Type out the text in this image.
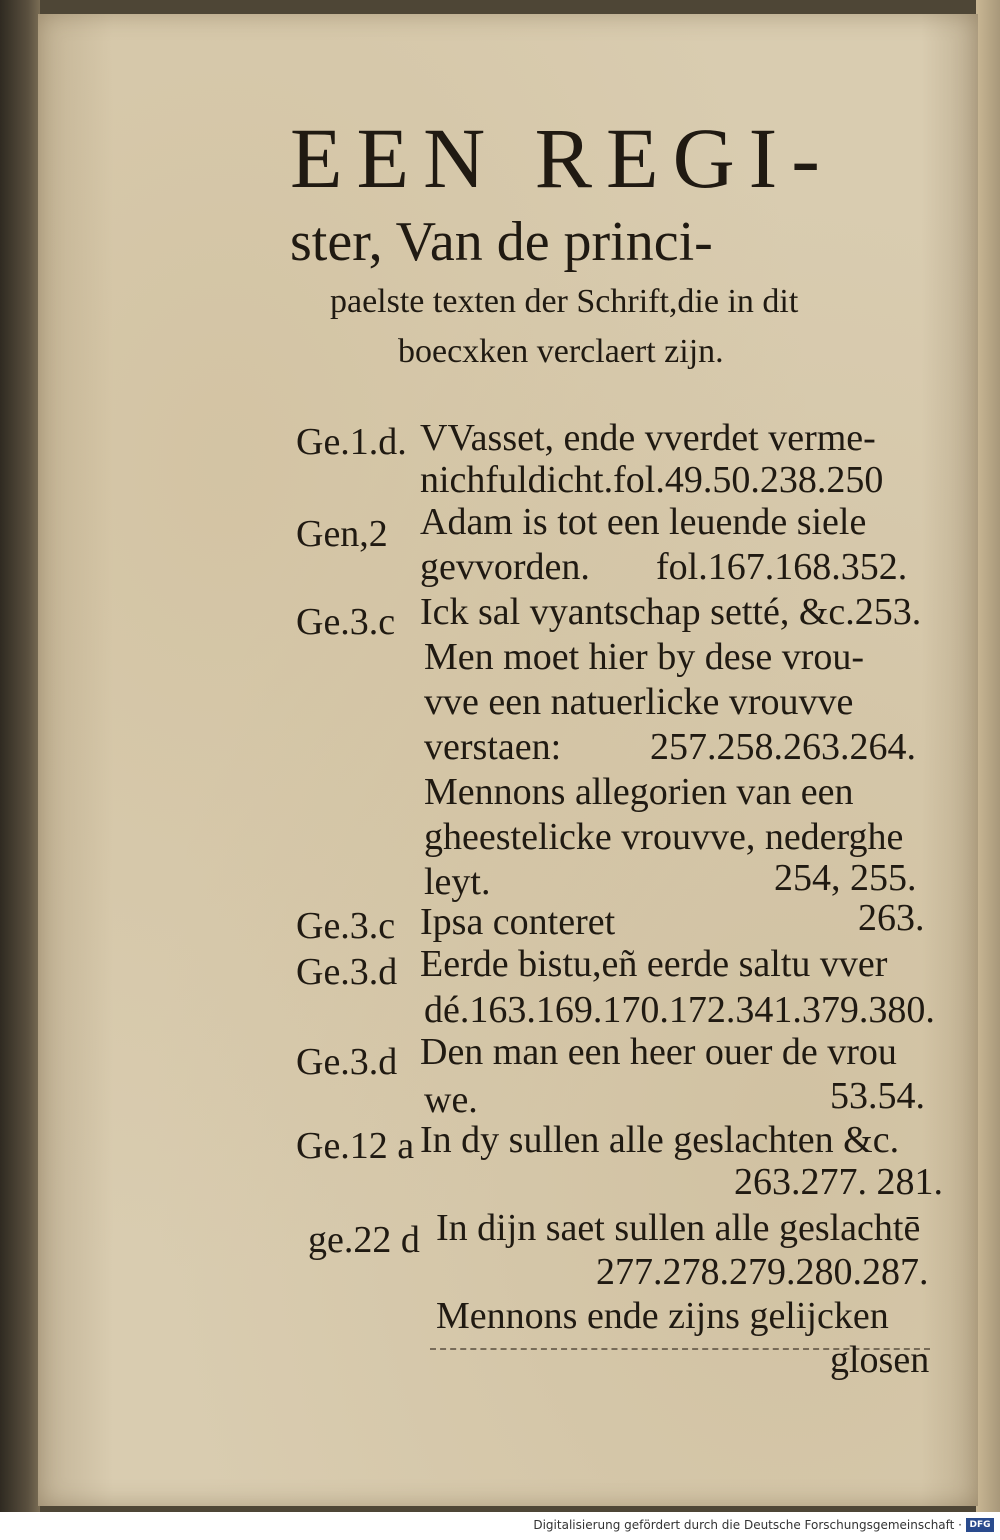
EEN REGI-
ster, Van de princi-
paelste texten der Schrift,die in dit
boecxken verclaert zijn.
Ge.1.d. VVasset, ende vverdet verme-
nichfuldicht.fol.49.50.238.250
Gen,2 Adam is tot een leuende siele
gevvorden. fol.167.168.352.
Ge.3.c Ick sal vyantschap setté, &c.253.
Men moet hier by dese vrou-
vve een natuerlicke vrouvve
verstaen: 257.258.263.264.
Mennons allegorien van een
gheestelicke vrouvve, nederghe
leyt.	254, 255.
Ge.3.c Ipsa conteret	263.
Ge.3.d Eerde bistu,eñ eerde saltu vver
dé.163.169.170.172.341.379.380.
Ge.3.d Den man een heer ouer de vrou
we.	53.54.
Ge.12 a In dy sullen alle geslachten &c.
263.277. 281.
ge.22 d In dijn saet sullen alle geslachtē
277.278.279.280.287.
Mennons ende zijns gelijcken
glosen
Digitalisierung gefördert durch die Deutsche Forschungsgemeinschaft · DFG
